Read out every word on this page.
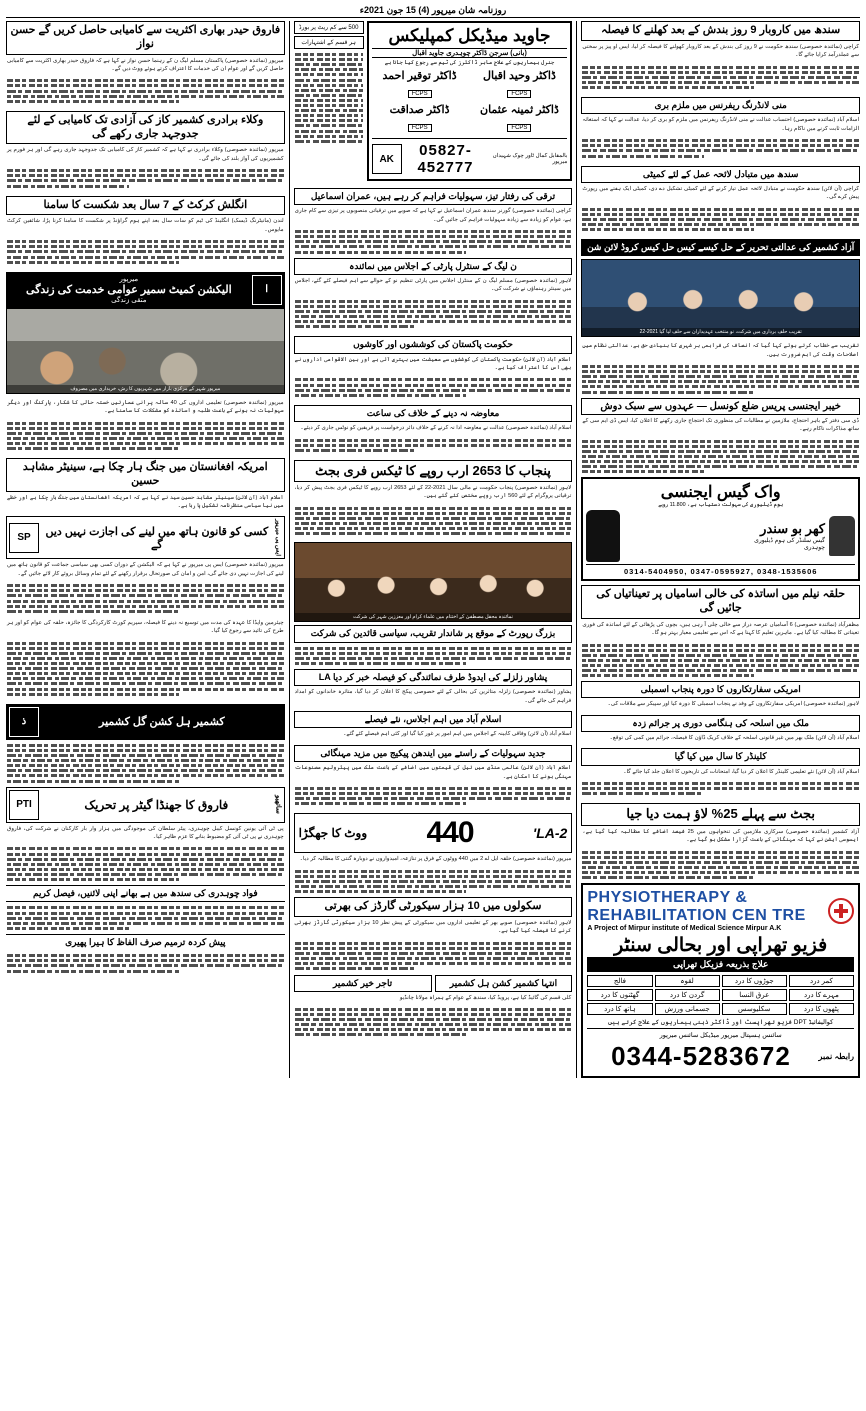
روزنامہ شان میرپور (4) 15 جون 2021ء
فاروق حیدر بھاری اکثریت سے کامیابی حاصل کریں گے حسن نواز
میرپور (نمائندہ خصوصی) پاکستان مسلم لیگ ن کے رہنما حسن نواز نے کہا ہے کہ فاروق حیدر بھاری اکثریت سے کامیابی حاصل کریں گے اور عوام ان کی خدمات کا اعتراف کرتے ہوئے ووٹ دیں گے۔
وکلاء برادری کشمیر کاز کی آزادی تک کامیابی کے لئے جدوجہد جاری رکھے گی
میرپور (نمائندہ خصوصی) وکلاء برادری نے کہا ہے کہ کشمیر کاز کی کامیابی تک جدوجہد جاری رہے گی اور ہر فورم پر کشمیریوں کی آواز بلند کی جائے گی۔
انگلش کرکٹ کے 7 سال بعد شکست کا سامنا
لندن (مانیٹرنگ ڈیسک) انگلینڈ کی ٹیم کو سات سال بعد اپنے ہوم گراؤنڈ پر شکست کا سامنا کرنا پڑا، شائقین کرکٹ مایوس۔
ا
میرپور
الیکشن کمیٹ سمیر عوامی خدمت کی زندگی
متقی زندگی
میرپور شہر کے مرکزی بازار میں شہریوں کا رش، خریداری میں مصروف
میرپور (نمائندہ خصوصی) تعلیمی اداروں کی 40 سالہ پرانی عمارتیں خستہ حالی کا شکار، پارکنگ اور دیگر سہولیات نہ ہونے کے باعث طلبہ و اساتذہ کو مشکلات کا سامنا ہے۔
امریکہ افغانستان میں جنگ ہار چکا ہے، سینیٹر مشاہد حسین
اسلام آباد (آن لائن) سینیٹر مشاہد حسین سید نے کہا ہے کہ امریکہ افغانستان میں جنگ ہار چکا ہے اور خطے میں نیا سیاسی منظرنامہ تشکیل پا رہا ہے۔
SP	کسی کو قانون ہاتھ میں لینے کی اجازت نہیں دیں گے	ایس پی میرپور
میرپور (نمائندہ خصوصی) ایس پی میرپور نے کہا ہے کہ الیکشن کے دوران کسی بھی سیاسی جماعت کو قانون ہاتھ میں لینے کی اجازت نہیں دی جائے گی، امن و امان کی صورتحال برقرار رکھنے کے لئے تمام وسائل بروئے کار لائے جائیں گے۔
چیئرمین واپڈا کا عہدہ کی مدت میں توسیع نہ دینے کا فیصلہ، سپریم کورٹ کارکردگی کا جائزہ، حلقہ کی عوام کو اور ہر طرح کی تائید سے رجوع کیا گیا۔
ذ	کشمیر ہل کشن گل کشمیر
PTI	فاروق کا جھنڈا گیٹر پر تحریک	ساتھیو
پی ٹی آئی یونین کونسل کیبل چوہدری، پیٹر سلطان کی موجودگی میں ہزار وار بار کارکنان نے شرکت کی، فاروق چوہدری نے پی ٹی آئی کو مضبوط بنانے کا عزم ظاہر کیا۔
فواد چوہدری کی سندھ میں ہے بھانے اپنی لائنیں، فیصل کریم
پیش کردہ ترمیم صرف الفاظ کا ہیرا پھیری
500 سے کم ریٹ پر بورڈ
ہر قسم کے اشتہارات	جاوید میڈیکل کمپلیکس
(بانی) سرجن ڈاکٹر چوہدری جاوید اقبال
جنرل بیماریوں کے علاج ماہر ڈاکٹرز کی ٹیم سے رجوع کیا جاتا ہے
ڈاکٹر وحید اقبال
FCPS
ڈاکٹر توقیر احمد
FCPS
ڈاکٹر ثمینہ عثمان
FCPS
ڈاکٹر صداقت
FCPS
AK	05827-452777
بالمقابل کمال ٹاور چوک شہیداں میرپور
ترقی کی رفتار تیز، سہولیات فراہم کر رہے ہیں، عمران اسماعیل
کراچی (نمائندہ خصوصی) گورنر سندھ عمران اسماعیل نے کہا ہے کہ صوبے میں ترقیاتی منصوبوں پر تیزی سے کام جاری ہے، عوام کو زیادہ سے زیادہ سہولیات فراہم کی جائیں گی۔
ن لیگ کے سنٹرل پارٹی کے اجلاس میں نمائندہ
لاہور (نمائندہ خصوصی) مسلم لیگ ن کے سنٹرل اجلاس میں پارٹی تنظیم نو کے حوالے سے اہم فیصلے کئے گئے، اجلاس میں سینئر رہنماؤں نے شرکت کی۔
حکومت پاکستان کی کوششوں اور کاوشوں
اسلام آباد (آن لائن) حکومت پاکستان کی کوششوں سے معیشت میں بہتری آئی ہے اور بین الاقوامی اداروں نے بھی اس کا اعتراف کیا ہے۔
معاوضہ نہ دینے کے خلاف کی ساعت
اسلام آباد (نمائندہ خصوصی) عدالت نے معاوضہ ادا نہ کرنے کے خلاف دائر درخواست پر فریقین کو نوٹس جاری کر دیئے۔
پنجاب کا 2653 ارب روپے کا ٹیکس فری بجٹ
لاہور (نمائندہ خصوصی) پنجاب حکومت نے مالی سال 2021-22 کے لئے 2653 ارب روپے کا ٹیکس فری بجٹ پیش کر دیا، ترقیاتی پروگرام کے لئے 560 ارب روپے مختص کئے گئے ہیں۔
نمائندہ محفل مصطفیٰ کے اختتام میں علماء کرام اور معززین شہر کی شرکت
بزرگ رپورٹ کے موقع پر شاندار تقریب، سیاسی قائدین کی شرکت
LA پشاور زلزلے کی ایدوڈ طرف نمائندگی کو فیصلہ خبر کر دیا
پشاور (نمائندہ خصوصی) زلزلہ متاثرین کی بحالی کے لئے خصوصی پیکج کا اعلان کر دیا گیا، متاثرہ خاندانوں کو امداد فراہم کی جائے گی۔
اسلام آباد میں اہم اجلاس، نئے فیصلے
اسلام آباد (آن لائن) وفاقی کابینہ کے اجلاس میں اہم امور پر غور کیا گیا اور کئی اہم فیصلے کئے گئے۔
جدید سہولیات کے راستے میں ایندھن پیکیج میں مزید مہنگائی
اسلام آباد (آن لائن) عالمی منڈی میں تیل کی قیمتوں میں اضافے کے باعث ملک میں پیٹرولیم مصنوعات مہنگی ہونے کا امکان ہے۔
ووٹ کا جھگڑا 440	'LA-2
میرپور (نمائندہ خصوصی) حلقہ ایل اے 2 میں 440 ووٹوں کے فرق پر تنازعہ، امیدواروں نے دوبارہ گنتی کا مطالبہ کر دیا۔
سکولوں میں 10 ہزار سیکورٹی گارڈز کی بھرتی
لاہور (نمائندہ خصوصی) صوبے بھر کے تعلیمی اداروں میں سیکورٹی کے پیش نظر 10 ہزار سیکورٹی گارڈز بھرتی کرنے کا فیصلہ کیا گیا ہے۔
تاجر خیر کشمیر	انتہا کشمیر کشن ہل کشمیر
کلی قسم کی گائیڈ کیا ہے، پرویڈ کیا، سندھ کے عوام کے ہمراہ مولانا چانڈیو
سندھ میں کاروبار 9 روز بندش کے بعد کھلنے کا فیصلہ
کراچی (نمائندہ خصوصی) سندھ حکومت نے 9 روز کی بندش کے بعد کاروبار کھولنے کا فیصلہ کر لیا، ایس او پیز پر سختی سے عملدرآمد کرایا جائے گا۔
منی لانڈرنگ ریفرنس میں ملزم بری
اسلام آباد (نمائندہ خصوصی) احتساب عدالت نے منی لانڈرنگ ریفرنس میں ملزم کو بری کر دیا، عدالت نے کہا کہ استغاثہ الزامات ثابت کرنے میں ناکام رہا۔
سندھ میں متبادل لائحہ عمل کے لئے کمیٹی
کراچی (آن لائن) سندھ حکومت نے متبادل لائحہ عمل تیار کرنے کے لئے کمیٹی تشکیل دے دی، کمیٹی ایک ہفتے میں رپورٹ پیش کرے گی۔
آزاد کشمیر کی عدالتی تحریر کے حل کیسے کیس حل کیس کروڈ لائن شن
تقریب حلف برداری میں شرکت، نو منتخب عہدیداران سے حلف لیا گیا 2021-22
تقریب سے خطاب کرتے ہوئے کہا گیا کہ انصاف کی فراہمی ہر شہری کا بنیادی حق ہے، عدالتی نظام میں اصلاحات وقت کی اہم ضرورت ہیں۔
خیبر ایجنسی پریس ضلع کونسل — عہدوں سے سبک دوش
ڈی سی دفتر کے باہر احتجاج، ملازمین نے مطالبات کی منظوری تک احتجاج جاری رکھنے کا اعلان کیا، ایس ڈی ایم سی کے ساتھ مذاکرات ناکام رہے۔
واک گیس ایجنسی
ہوم ڈیلیوری کی سہولت دستیاب ہے، 11.800 روپے
کھر بو سندر
گیس سلنڈر کی ہوم ڈیلیوری
چوہدری
0314-5404950, 0347-0595927, 0348-1535606
حلقہ نیلم میں اساتذہ کی خالی اسامیاں پر تعیناتیاں کی جائیں گی
مظفرآباد (نمائندہ خصوصی) 6 آسامیاں عرصہ دراز سے خالی چلی آ رہی ہیں، بچوں کی پڑھائی کے لئے اساتذہ کی فوری تعیناتی کا مطالبہ کیا گیا ہے۔ ماہرین تعلیم کا کہنا ہے کہ اس سے تعلیمی معیار بہتر ہو گا۔
امریکی سفارتکاروں کا دورہ پنجاب اسمبلی
لاہور (نمائندہ خصوصی) امریکی سفارتکاروں کے وفد نے پنجاب اسمبلی کا دورہ کیا اور سپیکر سے ملاقات کی۔
ملک میں اسلحہ کی ہنگامی دوری پر جرائم زدہ
اسلام آباد (آن لائن) ملک بھر میں غیر قانونی اسلحہ کے خلاف کریک ڈاؤن کا فیصلہ، جرائم میں کمی کی توقع۔
کلینڈر کا سال میں کیا گیا
اسلام آباد (آن لائن) نئے تعلیمی کلینڈر کا اعلان کر دیا گیا، امتحانات کی تاریخوں کا اعلان جلد کیا جائے گا۔
بجٹ سے پہلے 25% لاؤ ہمت دیا جیا
آزاد کشمیر (نمائندہ خصوصی) سرکاری ملازمین کی تنخواہوں میں 25 فیصد اضافے کا مطالبہ کیا گیا ہے، ایسوسی ایشن نے کہا کہ مہنگائی کے باعث گزارا مشکل ہو گیا ہے۔
PHYSIOTHERAPY &
REHABILITATION CEN TRE
A Project of Mirpur institute of Medical Science Mirpur A.K
فزیو تھراپی اور بحالی سنٹر
علاج بذریعہ فزیکل تھراپی
فالج	لقوہ	جوڑوں کا درد	کمر درد
گھٹنوں کا درد	گردن کا درد	عرق النسا	مہرے کا درد
ہاتھ کا درد	جسمانی ورزش	سکلیوسس	پٹھوں کا درد
کوالیفائیڈ DPT فزیو تھراپسٹ اور ڈاکٹر ذہنی بیماریوں کے علاج کرتے ہیں
سائنس ہسپتال میرپور میڈیکل سائنس میرپور
0344-5283672	رابطہ نمبر
